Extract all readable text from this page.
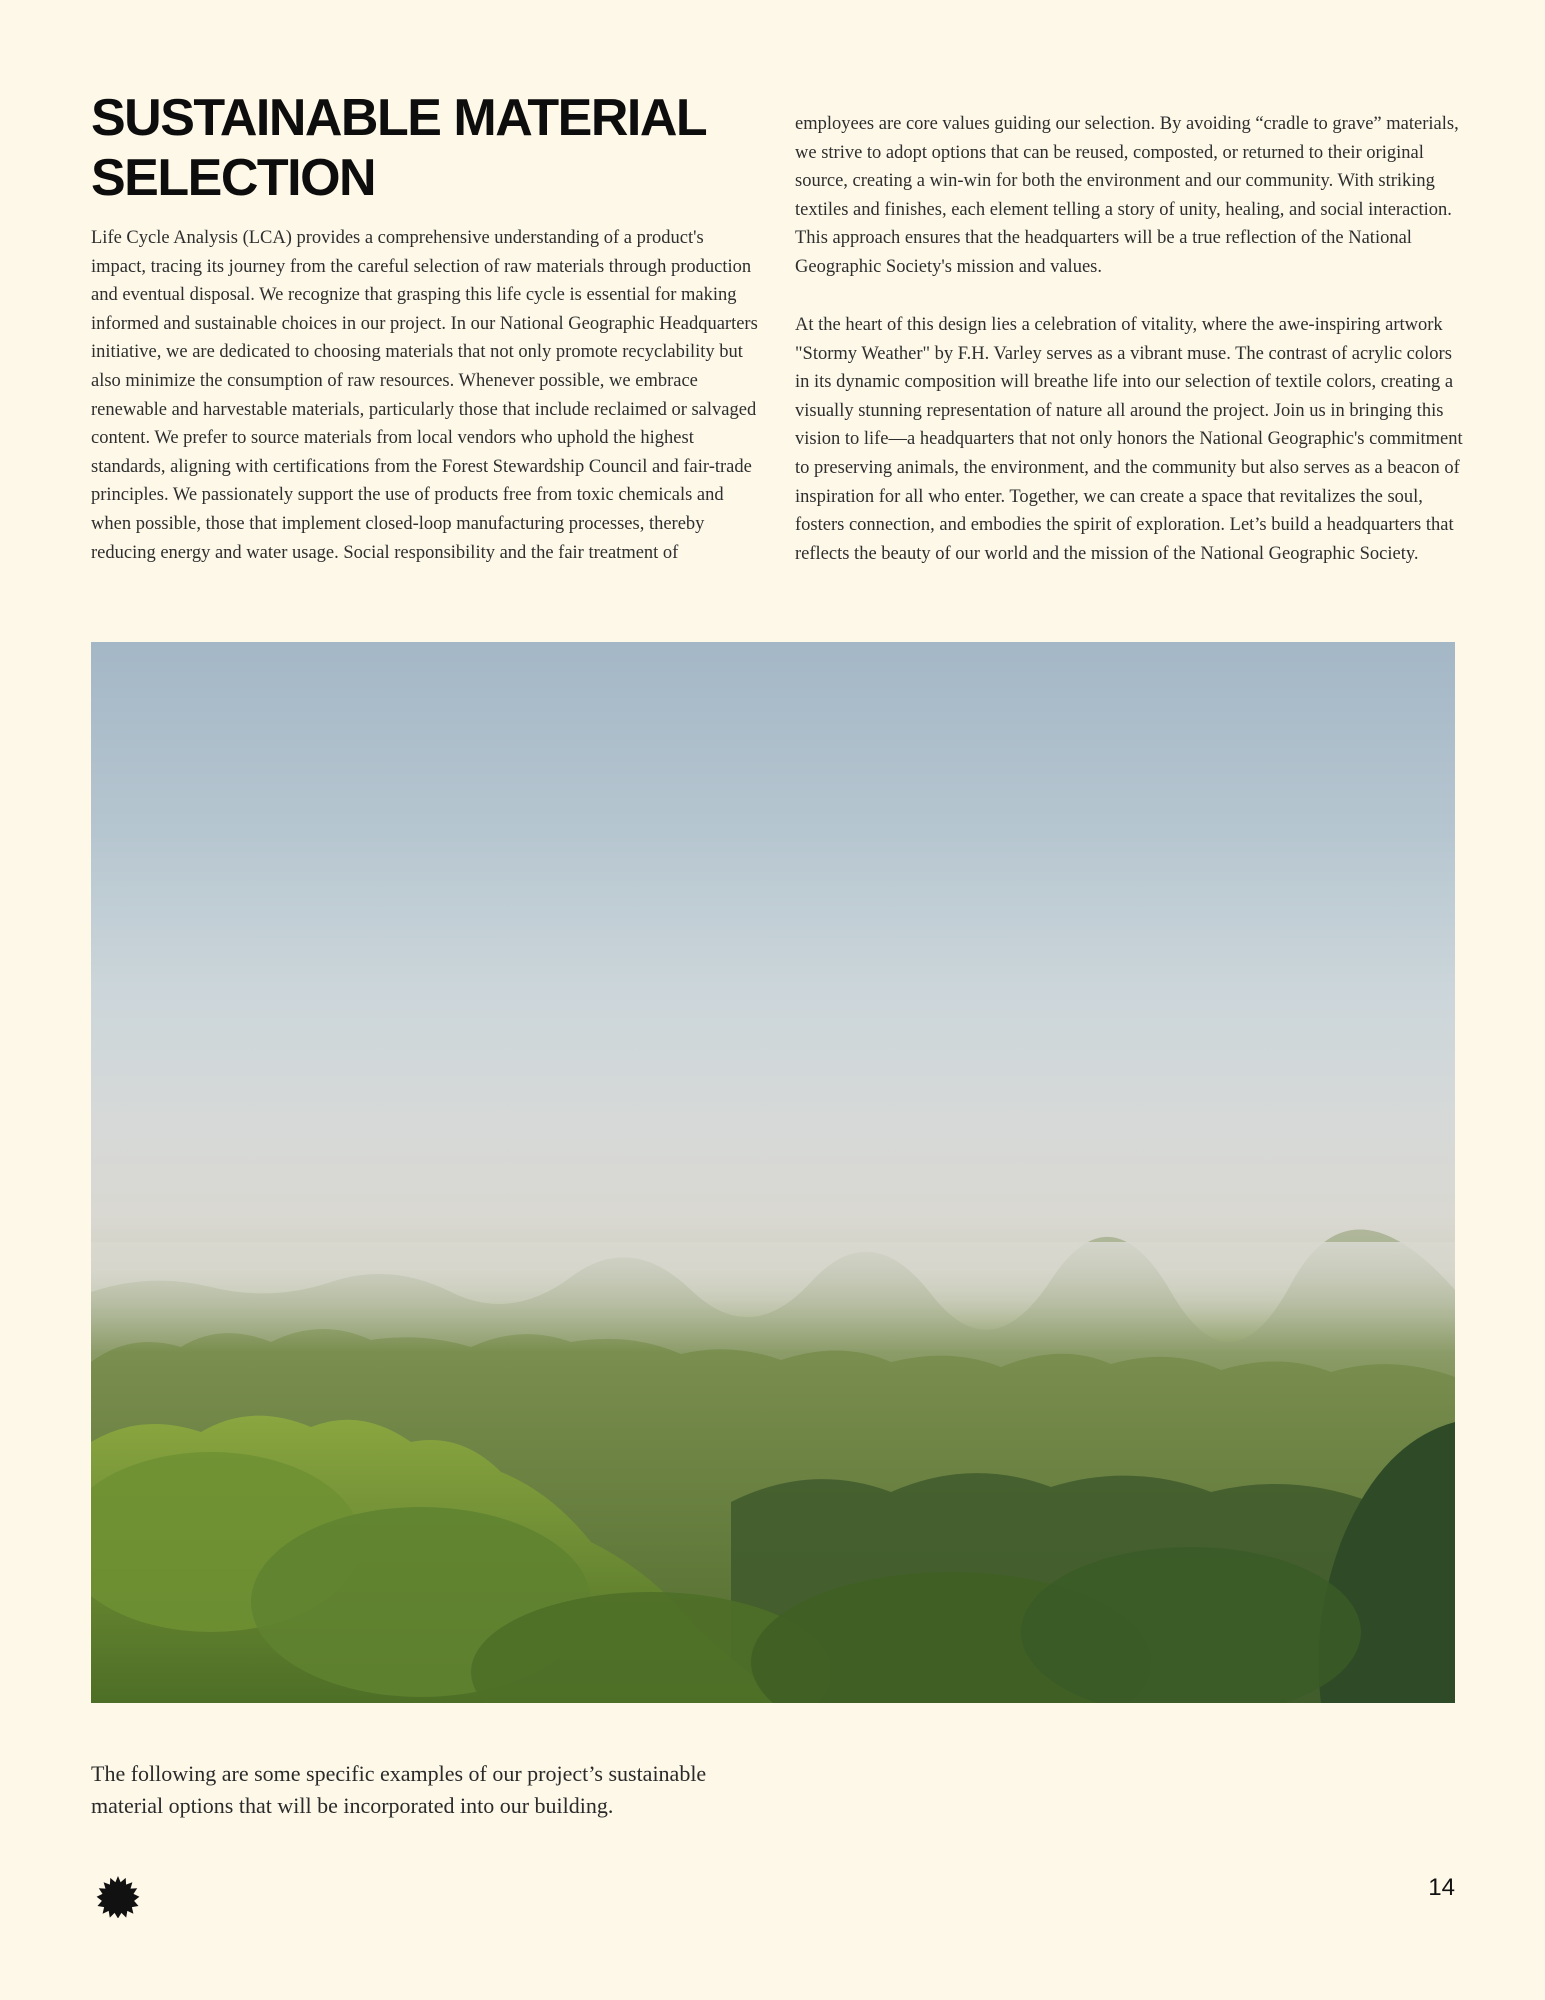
SUSTAINABLE MATERIAL
SELECTION

Life Cycle Analysis (LCA) provides a comprehensive understanding of a product's impact, tracing its journey from the careful selection of raw materials through production and eventual disposal. We recognize that grasping this life cycle is essential for making informed and sustainable choices in our project. In our National Geographic Headquarters initiative, we are dedicated to choosing materials that not only promote recyclability but also minimize the consumption of raw resources. Whenever possible, we embrace renewable and harvestable materials, particularly those that include reclaimed or salvaged content. We prefer to source materials from local vendors who uphold the highest standards, aligning with certifications from the Forest Stewardship Council and fair-trade principles. We passionately support the use of products free from toxic chemicals and when possible, those that implement closed-loop manufacturing processes, thereby reducing energy and water usage. Social responsibility and the fair treatment of

employees are core values guiding our selection. By avoiding “cradle to grave” materials, we strive to adopt options that can be reused, composted, or returned to their original source, creating a win-win for both the environment and our community. With striking textiles and finishes, each element telling a story of unity, healing, and social interaction. This approach ensures that the headquarters will be a true reflection of the National Geographic Society's mission and values.

At the heart of this design lies a celebration of vitality, where the awe-inspiring artwork "Stormy Weather" by F.H. Varley serves as a vibrant muse. The contrast of acrylic colors in its dynamic composition will breathe life into our selection of textile colors, creating a visually stunning representation of nature all around the project. Join us in bringing this vision to life—a headquarters that not only honors the National Geographic's commitment to preserving animals, the environment, and the community but also serves as a beacon of inspiration for all who enter. Together, we can create a space that revitalizes the soul, fosters connection, and embodies the spirit of exploration. Let’s build a headquarters that reflects the beauty of our world and the mission of the National Geographic Society.

The following are some specific examples of our project’s sustainable material options that will be incorporated into our building.

14
